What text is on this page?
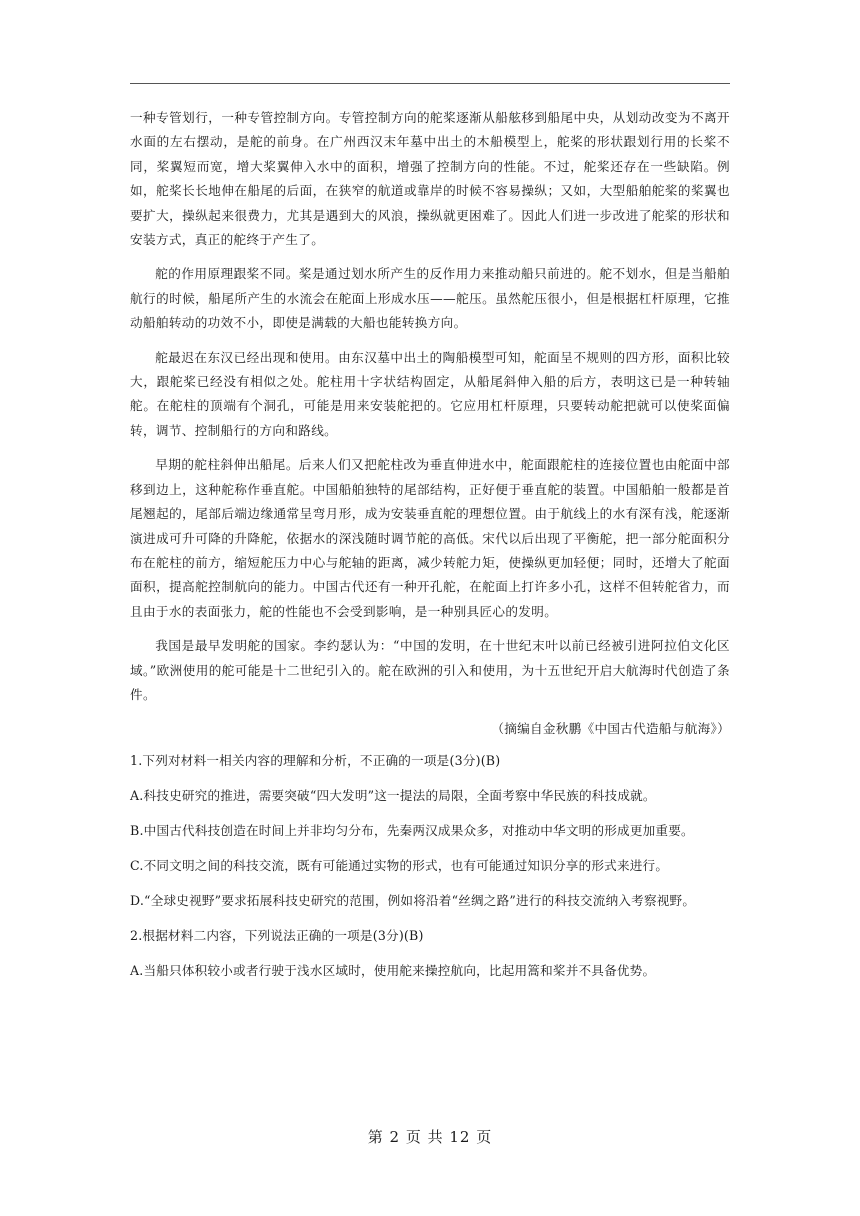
一种专管划行，一种专管控制方向。专管控制方向的舵桨逐渐从船舷移到船尾中央，从划动改变为不离开水面的左右摆动，是舵的前身。在广州西汉末年墓中出土的木船模型上，舵桨的形状跟划行用的长桨不同，桨翼短而宽，增大桨翼伸入水中的面积，增强了控制方向的性能。不过，舵桨还存在一些缺陷。例如，舵桨长长地伸在船尾的后面，在狭窄的航道或靠岸的时候不容易操纵；又如，大型船舶舵桨的桨翼也要扩大，操纵起来很费力，尤其是遇到大的风浪，操纵就更困难了。因此人们进一步改进了舵桨的形状和安装方式，真正的舵终于产生了。

舵的作用原理跟桨不同。桨是通过划水所产生的反作用力来推动船只前进的。舵不划水，但是当船舶航行的时候，船尾所产生的水流会在舵面上形成水压——舵压。虽然舵压很小，但是根据杠杆原理，它推动船舶转动的功效不小，即使是满载的大船也能转换方向。

舵最迟在东汉已经出现和使用。由东汉墓中出土的陶船模型可知，舵面呈不规则的四方形，面积比较大，跟舵桨已经没有相似之处。舵柱用十字状结构固定，从船尾斜伸入船的后方，表明这已是一种转轴舵。在舵柱的顶端有个洞孔，可能是用来安装舵把的。它应用杠杆原理，只要转动舵把就可以使桨面偏转，调节、控制船行的方向和路线。

早期的舵柱斜伸出船尾。后来人们又把舵柱改为垂直伸进水中，舵面跟舵柱的连接位置也由舵面中部移到边上，这种舵称作垂直舵。中国船舶独特的尾部结构，正好便于垂直舵的装置。中国船舶一般都是首尾翘起的，尾部后端边缘通常呈弯月形，成为安装垂直舵的理想位置。由于航线上的水有深有浅，舵逐渐演进成可升可降的升降舵，依据水的深浅随时调节舵的高低。宋代以后出现了平衡舵，把一部分舵面积分布在舵柱的前方，缩短舵压力中心与舵轴的距离，减少转舵力矩，使操纵更加轻便；同时，还增大了舵面面积，提高舵控制航向的能力。中国古代还有一种开孔舵，在舵面上打许多小孔，这样不但转舵省力，而且由于水的表面张力，舵的性能也不会受到影响，是一种别具匠心的发明。

我国是最早发明舵的国家。李约瑟认为：“中国的发明，在十世纪末叶以前已经被引进阿拉伯文化区域。”欧洲使用的舵可能是十二世纪引入的。舵在欧洲的引入和使用，为十五世纪开启大航海时代创造了条件。

（摘编自金秋鹏《中国古代造船与航海》）
1.下列对材料一相关内容的理解和分析，不正确的一项是(3分)(B)
A.科技史研究的推进，需要突破“四大发明”这一提法的局限，全面考察中华民族的科技成就。
B.中国古代科技创造在时间上并非均匀分布，先秦两汉成果众多，对推动中华文明的形成更加重要。
C.不同文明之间的科技交流，既有可能通过实物的形式，也有可能通过知识分享的形式来进行。
D.“全球史视野”要求拓展科技史研究的范围，例如将沿着“丝绸之路”进行的科技交流纳入考察视野。
2.根据材料二内容，下列说法正确的一项是(3分)(B)
A.当船只体积较小或者行驶于浅水区域时，使用舵来操控航向，比起用篙和桨并不具备优势。
第 2 页 共 12 页
